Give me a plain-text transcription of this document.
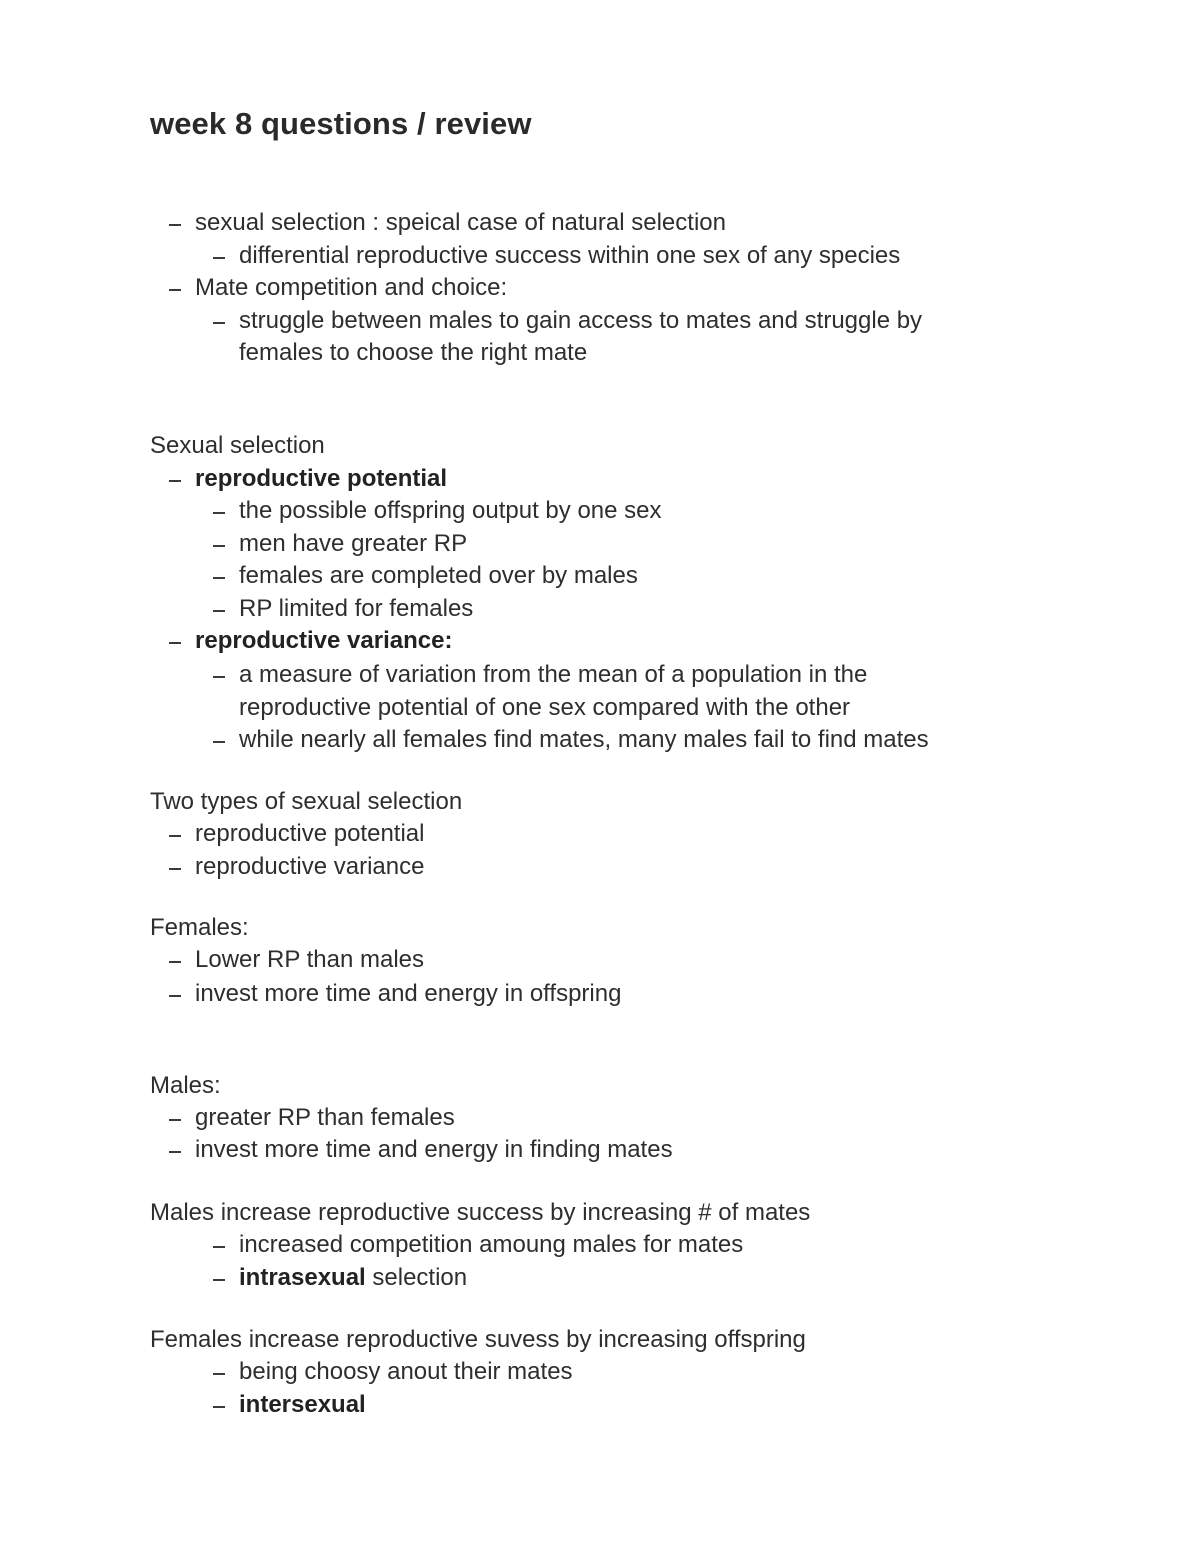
week 8 questions / review
sexual selection : speical case of natural selection
differential reproductive success within one sex of any species
Mate competition and choice:
struggle between males to gain access to mates and struggle by
females to choose the right mate
Sexual selection
reproductive potential
the possible offspring output by one sex
men have greater RP
females are completed over by males
RP limited for females
reproductive variance:
a measure of variation from the mean of a population in the
reproductive potential of one sex compared with the other
while nearly all females find mates, many males fail to find mates
Two types of sexual selection
reproductive potential
reproductive variance
Females:
Lower RP than males
invest more time and energy in offspring
Males:
greater RP than females
invest more time and energy in finding mates
Males increase reproductive success by increasing # of mates
increased competition amoung males for mates
intrasexual selection
Females increase reproductive suvess by increasing offspring
being choosy anout their mates
intersexual
